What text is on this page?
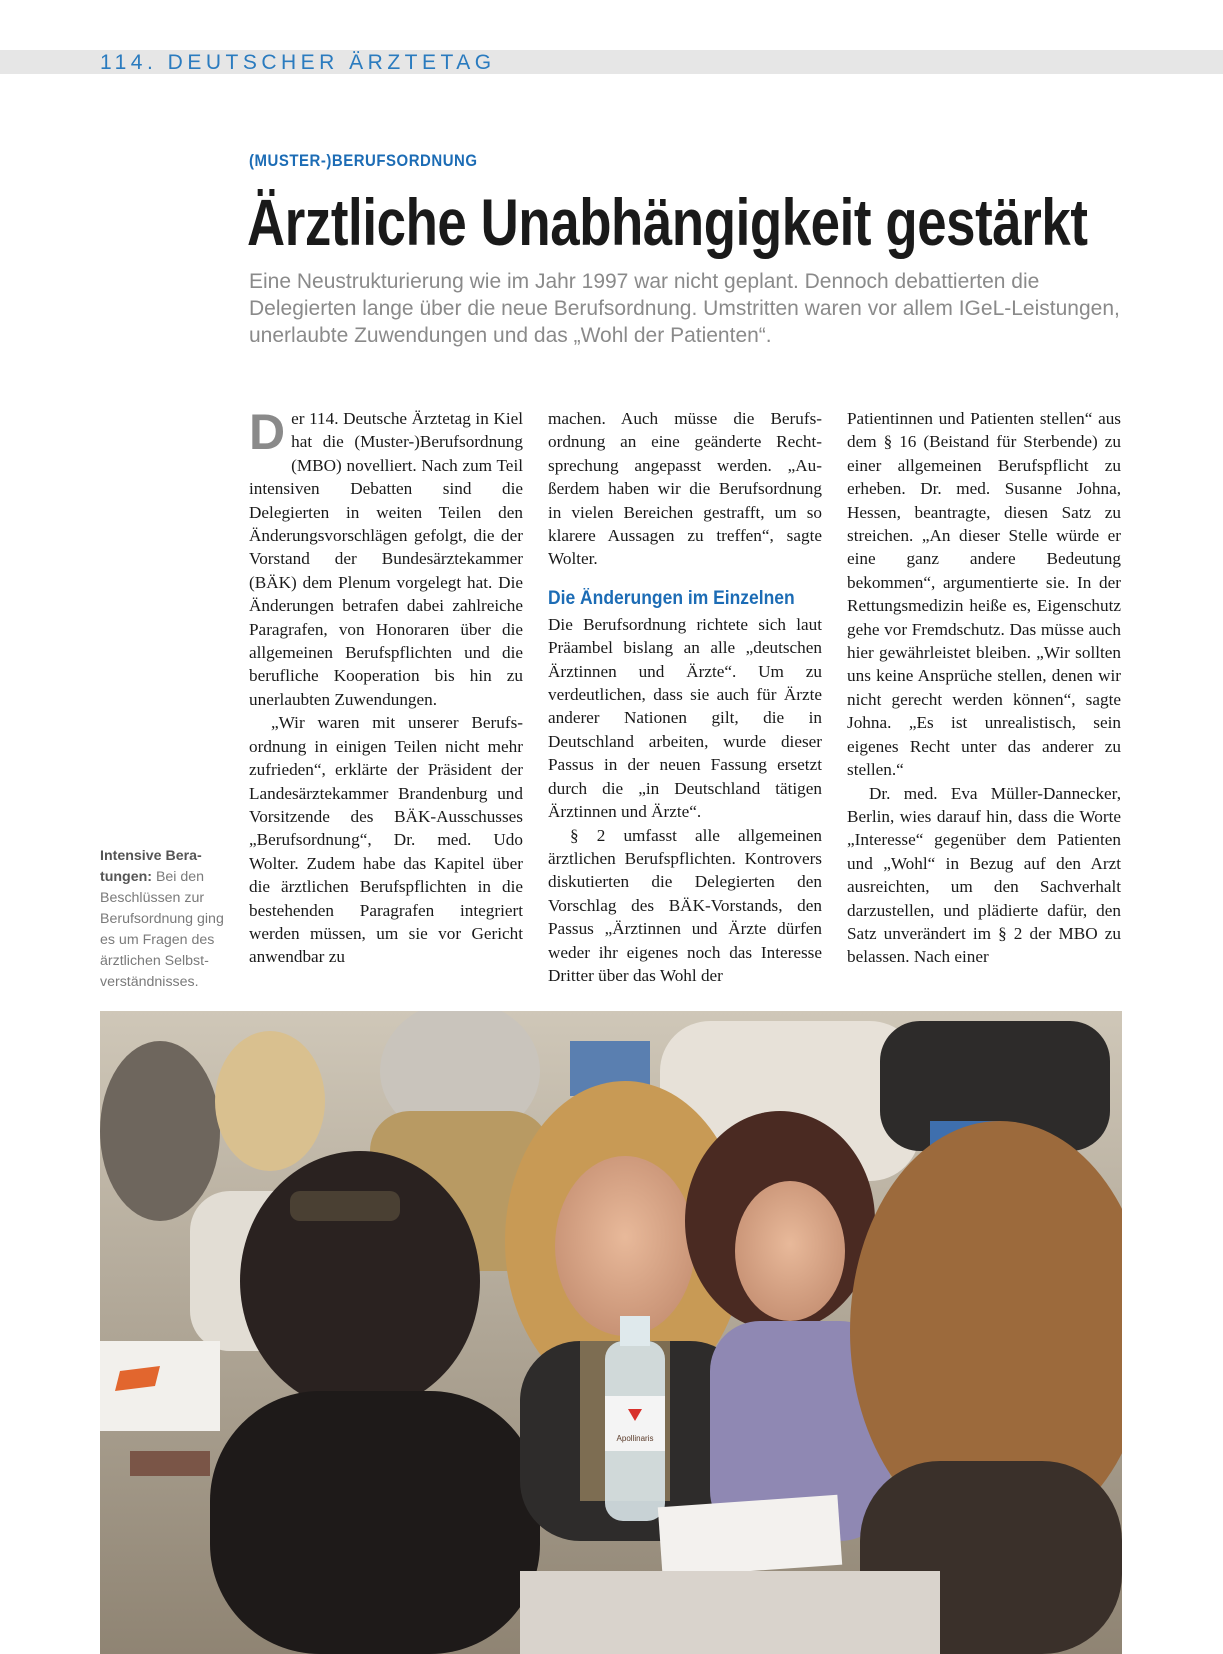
114. DEUTSCHER ÄRZTETAG
(MUSTER-)BERUFSORDNUNG
Ärztliche Unabhängigkeit gestärkt

Eine Neustrukturierung wie im Jahr 1997 war nicht geplant. Dennoch debattierten die Delegierten lange über die neue Berufsordnung. Umstritten waren vor allem IGeL-Leistungen, unerlaubte Zuwendungen und das „Wohl der Patienten“.

Der 114. Deutsche Ärztetag in Kiel hat die (Muster-)Berufsordnung (MBO) novelliert. Nach zum Teil intensiven Debatten sind die Delegierten in weiten Teilen den Änderungsvorschlägen gefolgt, die der Vorstand der Bundesärztekammer (BÄK) dem Plenum vorgelegt hat. Die Änderungen betrafen dabei zahlreiche Paragrafen, von Honoraren über die allgemeinen Berufspflichten und die berufliche Kooperation bis hin zu unerlaubten Zuwendungen.

„Wir waren mit unserer Berufsordnung in einigen Teilen nicht mehr zufrieden“, erklärte der Präsident der Landesärztekammer Brandenburg und Vorsitzende des BÄK-Ausschusses „Berufsordnung“, Dr. med. Udo Wolter. Zudem habe das Kapitel über die ärztlichen Berufspflichten in die bestehenden Paragrafen integriert werden müssen, um sie vor Gericht anwendbar zu

machen. Auch müsse die Berufsordnung an eine geänderte Rechtsprechung angepasst werden. „Außerdem haben wir die Berufsordnung in vielen Bereichen gestrafft, um so klarere Aussagen zu treffen“, sagte Wolter.

Die Änderungen im Einzelnen

Die Berufsordnung richtete sich laut Präambel bislang an alle „deutschen Ärztinnen und Ärzte“. Um zu verdeutlichen, dass sie auch für Ärzte anderer Nationen gilt, die in Deutschland arbeiten, wurde dieser Passus in der neuen Fassung ersetzt durch die „in Deutschland tätigen Ärztinnen und Ärzte“.

§ 2 umfasst alle allgemeinen ärztlichen Berufspflichten. Kontrovers diskutierten die Delegierten den Vorschlag des BÄK-Vorstands, den Passus „Ärztinnen und Ärzte dürfen weder ihr eigenes noch das Interesse Dritter über das Wohl der

Patientinnen und Patienten stellen“ aus dem § 16 (Beistand für Sterbende) zu einer allgemeinen Berufspflicht zu erheben. Dr. med. Susanne Johna, Hessen, beantragte, diesen Satz zu streichen. „An dieser Stelle würde er eine ganz andere Bedeutung bekommen“, argumentierte sie. In der Rettungsmedizin heiße es, Eigenschutz gehe vor Fremdschutz. Das müsse auch hier gewährleistet bleiben. „Wir sollten uns keine Ansprüche stellen, denen wir nicht gerecht werden können“, sagte Johna. „Es ist unrealistisch, sein eigenes Recht unter das anderer zu stellen.“

Dr. med. Eva Müller-Dannecker, Berlin, wies darauf hin, dass die Worte „Interesse“ gegenüber dem Patienten und „Wohl“ in Bezug auf den Arzt ausreichten, um den Sachverhalt darzustellen, und plädierte dafür, den Satz unverändert im § 2 der MBO zu belassen. Nach einer

Intensive Beratungen: Bei den Beschlüssen zur Berufsordnung ging es um Fragen des ärztlichen Selbstverständnisses.
Apollinaris
